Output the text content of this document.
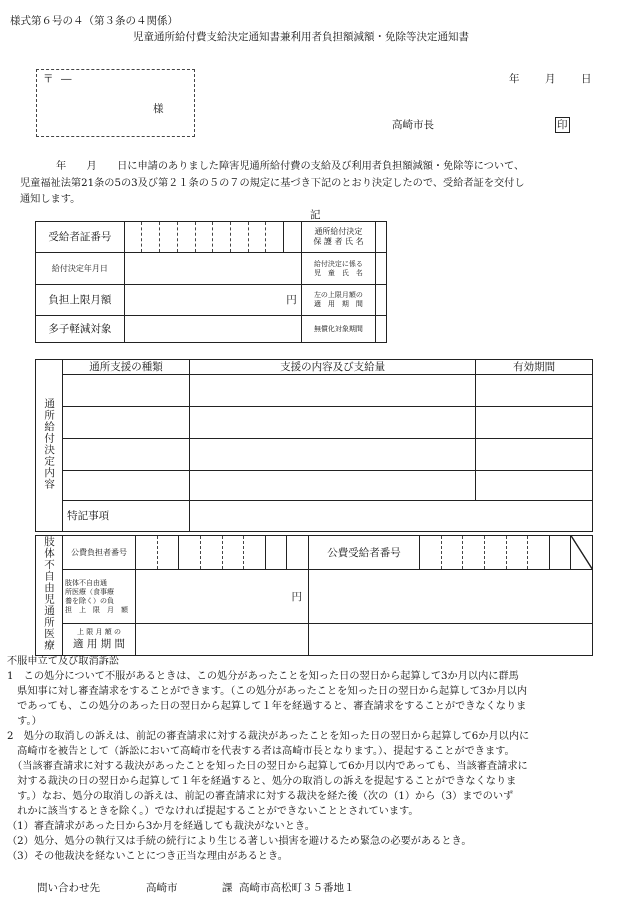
様式第６号の４（第３条の４関係）
児童通所給付費支給決定通知書兼利用者負担額減額・免除等決定通知書
〒 ―
様
年 月 日
高崎市長	印
年　　月　　日に申請のありました障害児通所給付費の支給及び利用者負担額減額・免除等について、
児童福祉法第21条の5の3及び第２１条の５の７の規定に基づき下記のとおり決定したので、受給者証を交付し
通知します。
記
受給者証番号		通所給付決定
保 護 者 氏 名	

給付決定年月日		給付決定に係る
児　童　氏　名	

負担上限月額	円	左の上限月額の
適　用　期　間	

多子軽減対象		無償化対象期間	
通所給付決定内容	通所支援の種類	支援の内容及び支給量	有効期間

	特記事項		
肢体不自由児通所医療	公費負担者番号		公費受給者番号	

	肢体不自由通
所医療（食事療
養を除く）の負
担　上　限　月　額	円		

	上 限 月 額 の
適 用 期 間			

不服申立て及び取消訴訟
1　この処分について不服があるときは、この処分があったことを知った日の翌日から起算して3か月以内に群馬
　県知事に対し審査請求をすることができます。（この処分があったことを知った日の翌日から起算して3か月以内
　であっても、この処分のあった日の翌日から起算して１年を経過すると、審査請求をすることができなくなりま
　す。）
2　処分の取消しの訴えは、前記の審査請求に対する裁決があったことを知った日の翌日から起算して6か月以内に
　高崎市を被告として（訴訟において高崎市を代表する者は高崎市長となります。）、提起することができます。
　（当該審査請求に対する裁決があったことを知った日の翌日から起算して6か月以内であっても、当該審査請求に
　対する裁決の日の翌日から起算して１年を経過すると、処分の取消しの訴えを提起することができなくなりま
　す。）なお、処分の取消しの訴えは、前記の審査請求に対する裁決を経た後（次の（1）から（3）までのいず
　れかに該当するときを除く。）でなければ提起することができないこととされています。
（1）審査請求があった日から3か月を経過しても裁決がないとき。
（2）処分、処分の執行又は手続の続行により生じる著しい損害を避けるため緊急の必要があるとき。
（3）その他裁決を経ないことにつき正当な理由があるとき。
問い合わせ先	高崎市	課 高崎市高松町３５番地１
